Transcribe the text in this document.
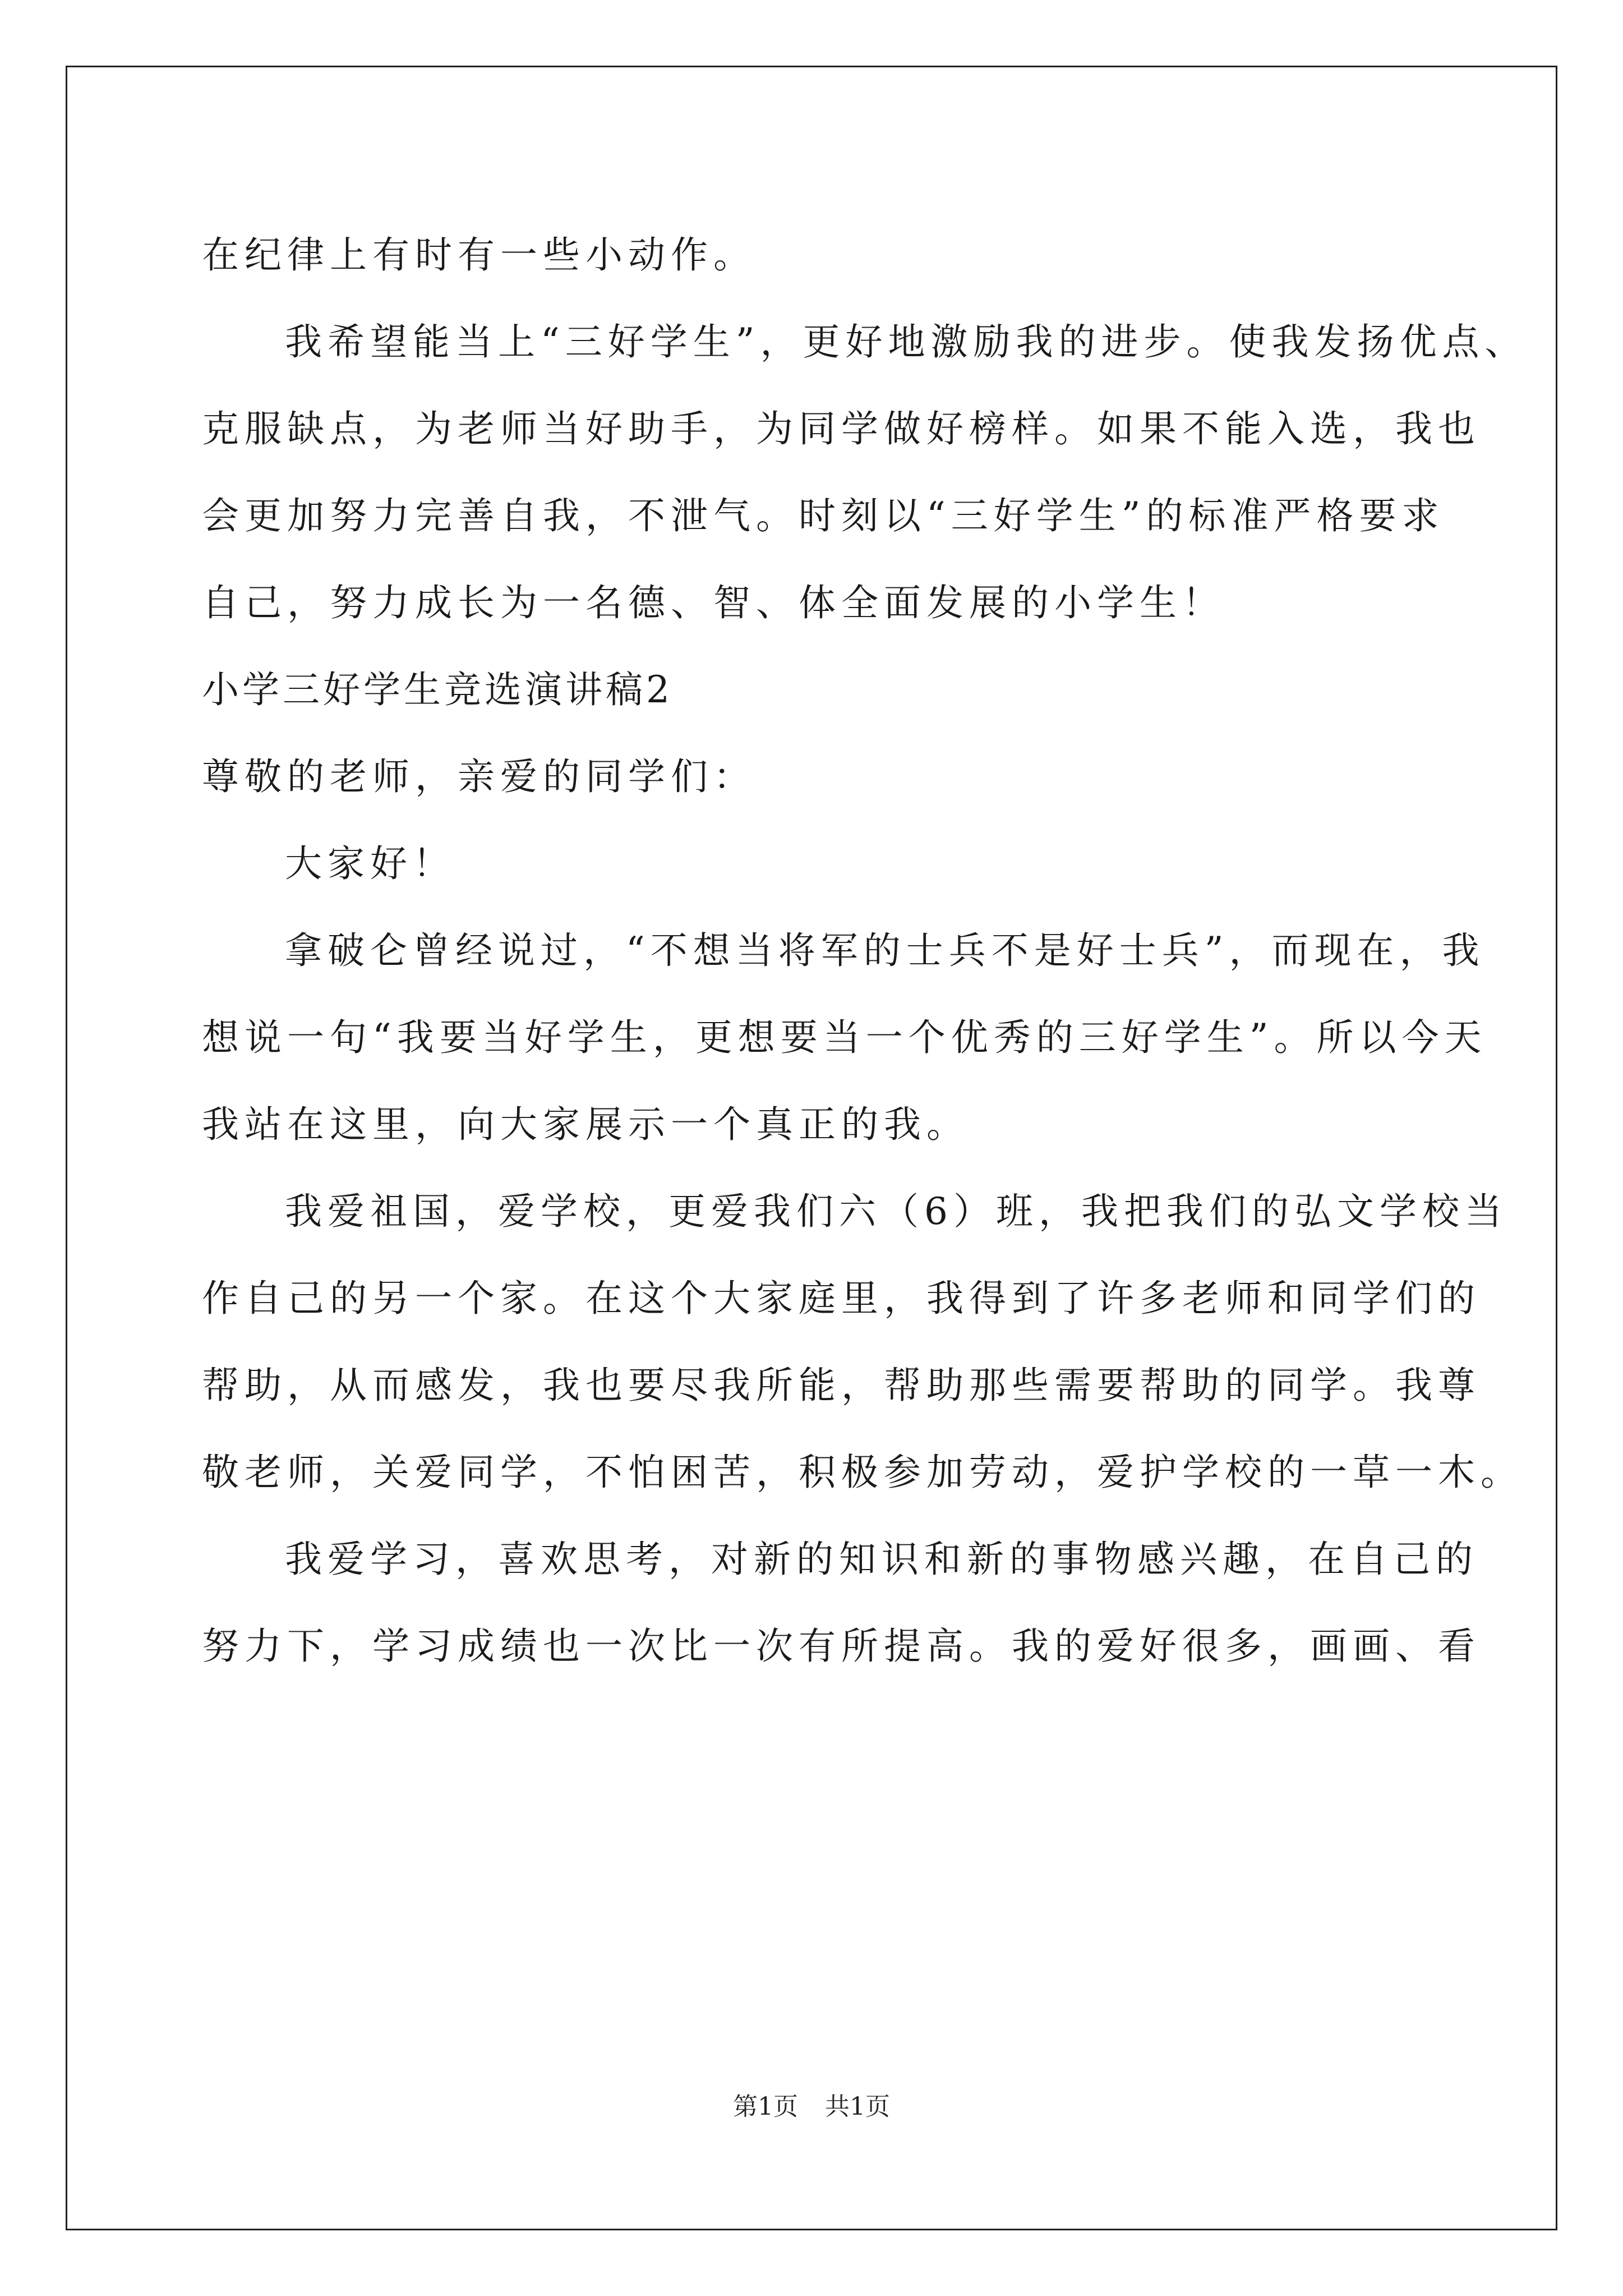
在纪律上有时有一些小动作。
我希望能当上“三好学生”，更好地激励我的进步。使我发扬优点、
克服缺点，为老师当好助手，为同学做好榜样。如果不能入选，我也
会更加努力完善自我，不泄气。时刻以“三好学生”的标准严格要求
自己，努力成长为一名德、智、体全面发展的小学生！
小学三好学生竞选演讲稿2
尊敬的老师，亲爱的同学们：
大家好！
拿破仑曾经说过，“不想当将军的士兵不是好士兵”，而现在，我
想说一句“我要当好学生，更想要当一个优秀的三好学生”。所以今天
我站在这里，向大家展示一个真正的我。
我爱祖国，爱学校，更爱我们六（6）班，我把我们的弘文学校当
作自己的另一个家。在这个大家庭里，我得到了许多老师和同学们的
帮助，从而感发，我也要尽我所能，帮助那些需要帮助的同学。我尊
敬老师，关爱同学，不怕困苦，积极参加劳动，爱护学校的一草一木。
我爱学习，喜欢思考，对新的知识和新的事物感兴趣，在自己的
努力下，学习成绩也一次比一次有所提高。我的爱好很多，画画、看
第1页 共1页
